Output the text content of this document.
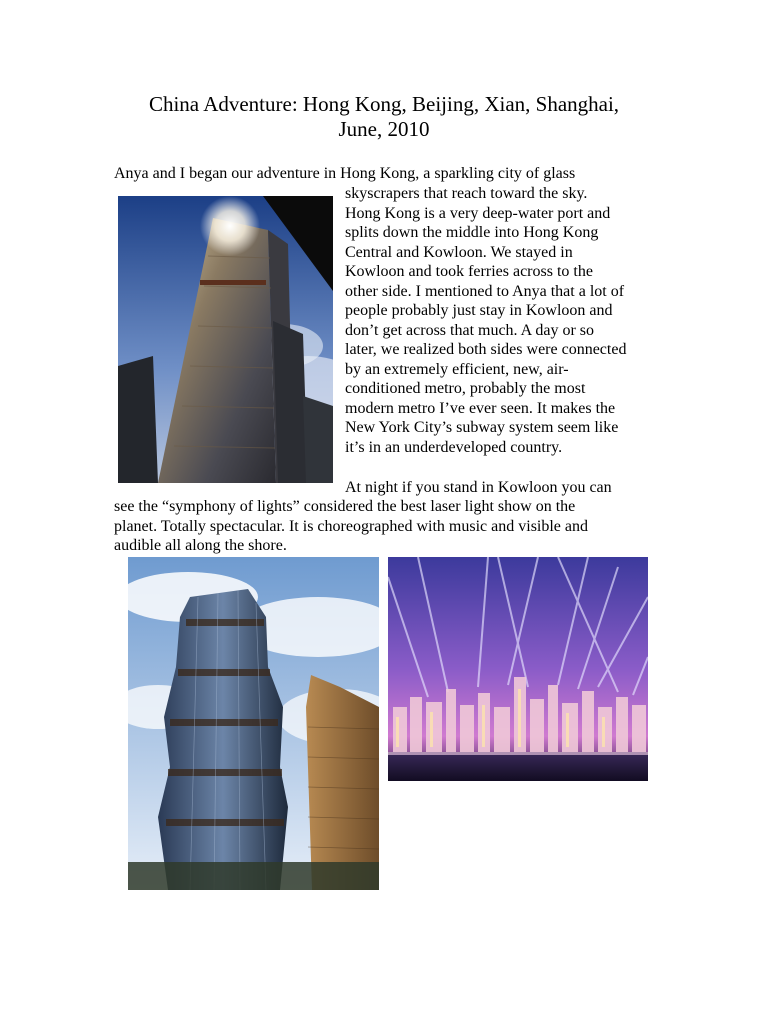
China Adventure: Hong Kong, Beijing, Xian, Shanghai,
June, 2010
Anya and I began our adventure in Hong Kong, a sparkling city of glass
skyscrapers that reach toward the sky.
Hong Kong is a very deep-water port and
splits down the middle into Hong Kong
Central and Kowloon. We stayed in
Kowloon and took ferries across to the
other side. I mentioned to Anya that a lot of
people probably just stay in Kowloon and
don’t get across that much. A day or so
later, we realized both sides were connected
by an extremely efficient, new, air-
conditioned metro, probably the most
modern metro I’ve ever seen. It makes the
New York City’s subway system seem like
it’s in an underdeveloped country.
At night if you stand in Kowloon you can
see the “symphony of lights” considered the best laser light show on the
planet. Totally spectacular. It is choreographed with music and visible and
audible all along the shore.
